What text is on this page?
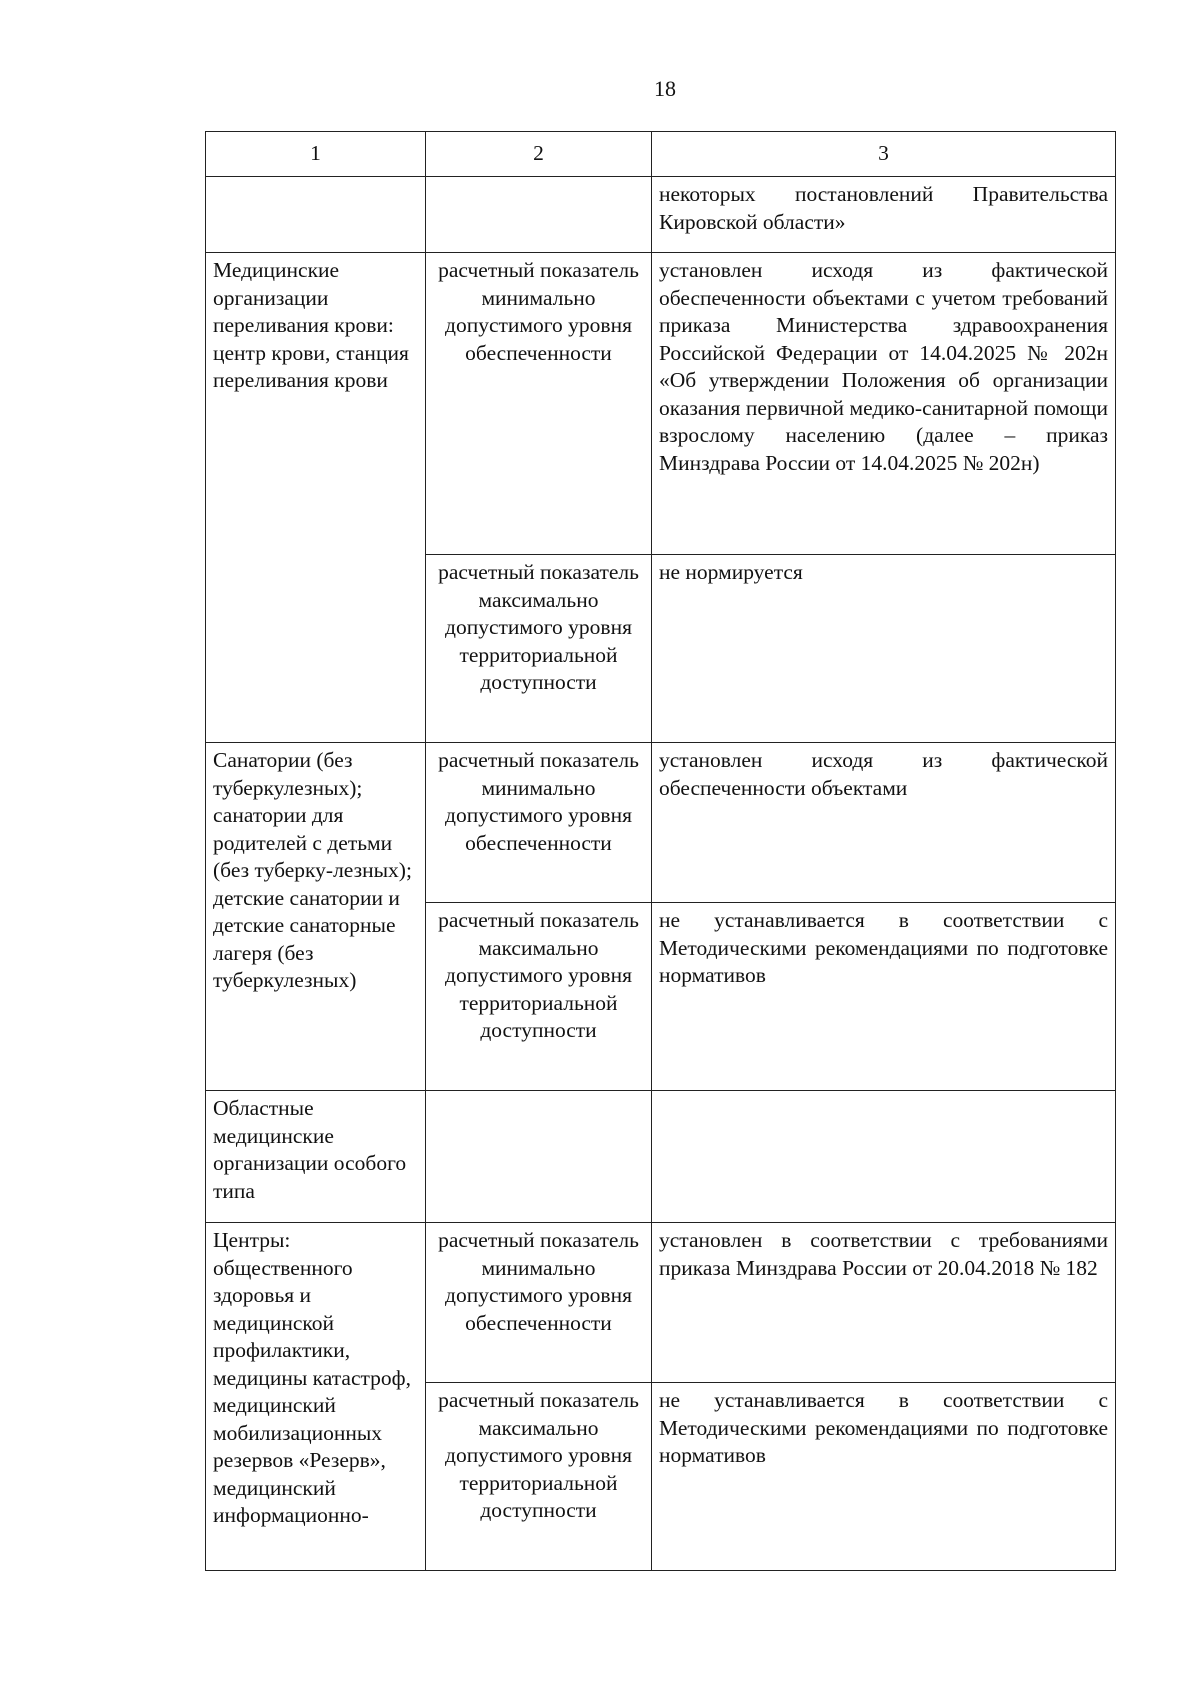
18
1	2	3
		некоторых постановлений Правительства Кировской области»

Медицинские организации переливания крови: центр крови, станция переливания крови	расчетный показатель минимально допустимого уровня обеспеченности	установлен исходя из фактической обеспеченности объектами с учетом требований приказа Министерства здравоохранения Российской Федерации от 14.04.2025 № 202н «Об утверждении Положения об организации оказания первичной медико-санитарной помощи взрослому населению (далее – приказ Минздрава России от 14.04.2025 № 202н)
	расчетный показатель максимально допустимого уровня территориальной доступности	не нормируется

Санатории (без туберкулезных); санатории для родителей с детьми (без туберку-лезных); детские санатории и детские санаторные лагеря (без туберкулезных)	расчетный показатель минимально допустимого уровня обеспеченности	установлен исходя из фактической обеспеченности объектами
	расчетный показатель максимально допустимого уровня территориальной доступности	не устанавливается в соответствии с Методическими рекомендациями по подготовке нормативов
Областные медицинские организации особого типа		

Центры: общественного здоровья и медицинской профилактики, медицины катастроф, медицинский мобилизационных резервов «Резерв», медицинский информационно-	расчетный показатель минимально допустимого уровня обеспеченности	установлен в соответствии с требованиями приказа Минздрава России от 20.04.2018 № 182
	расчетный показатель максимально допустимого уровня территориальной доступности	не устанавливается в соответствии с Методическими рекомендациями по подготовке нормативов
